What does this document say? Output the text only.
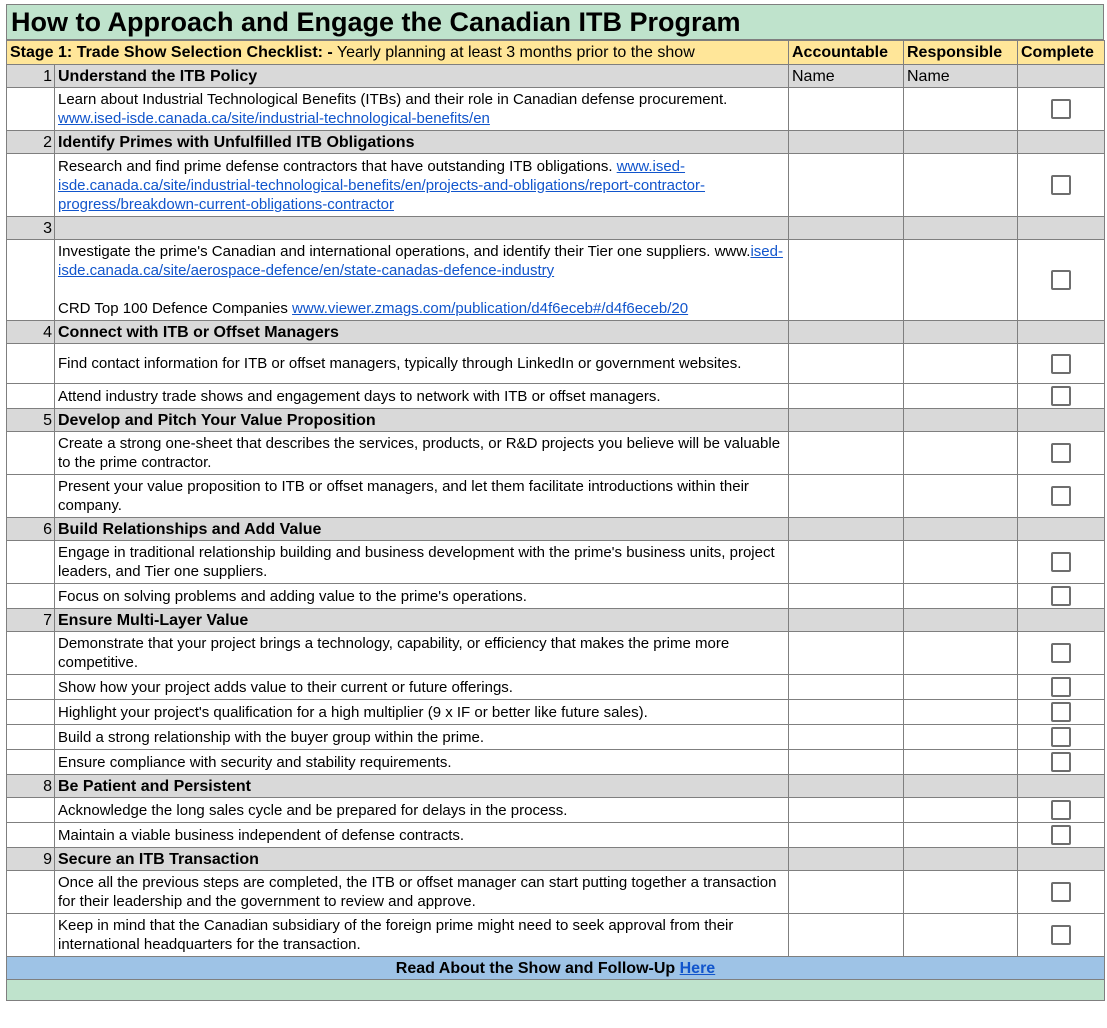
How to Approach and Engage the Canadian ITB Program
Stage 1: Trade Show Selection Checklist: - Yearly planning at least 3 months prior to the show		Accountable	Responsible	Complete
1	Understand the ITB Policy	Name	Name	
	Learn about Industrial Technological Benefits (ITBs) and their role in Canadian defense procurement. www.ised-isde.canada.ca/site/industrial-technological-benefits/en			
2	Identify Primes with Unfulfilled ITB Obligations			
	Research and find prime defense contractors that have outstanding ITB obligations. www.ised-isde.canada.ca/site/industrial-technological-benefits/en/projects-and-obligations/report-contractor-progress/breakdown-current-obligations-contractor			
3				
	Investigate the prime's Canadian and international operations, and identify their Tier one suppliers. www.ised-isde.canada.ca/site/aerospace-defence/en/state-canadas-defence-industry

CRD Top 100 Defence Companies www.viewer.zmags.com/publication/d4f6eceb#/d4f6eceb/20			
4	Connect with ITB or Offset Managers			
	Find contact information for ITB or offset managers, typically through LinkedIn or government websites.			
	Attend industry trade shows and engagement days to network with ITB or offset managers.			
5	Develop and Pitch Your Value Proposition			
	Create a strong one-sheet that describes the services, products, or R&D projects you believe will be valuable to the prime contractor.			
	Present your value proposition to ITB or offset managers, and let them facilitate introductions within their company.			
6	Build Relationships and Add Value			
	Engage in traditional relationship building and business development with the prime's business units, project leaders, and Tier one suppliers.			
	Focus on solving problems and adding value to the prime's operations.			
7	Ensure Multi-Layer Value			
	Demonstrate that your project brings a technology, capability, or efficiency that makes the prime more competitive.			
	Show how your project adds value to their current or future offerings.			
	Highlight your project's qualification for a high multiplier (9 x IF or better like future sales).			
	Build a strong relationship with the buyer group within the prime.			
	Ensure compliance with security and stability requirements.			
8	Be Patient and Persistent			
	Acknowledge the long sales cycle and be prepared for delays in the process.			
	Maintain a viable business independent of defense contracts.			
9	Secure an ITB Transaction			
	Once all the previous steps are completed, the ITB or offset manager can start putting together a transaction for their leadership and the government to review and approve.			
	Keep in mind that the Canadian subsidiary of the foreign prime might need to seek approval from their international headquarters for the transaction.			
Read About the Show and Follow-Up Here				
